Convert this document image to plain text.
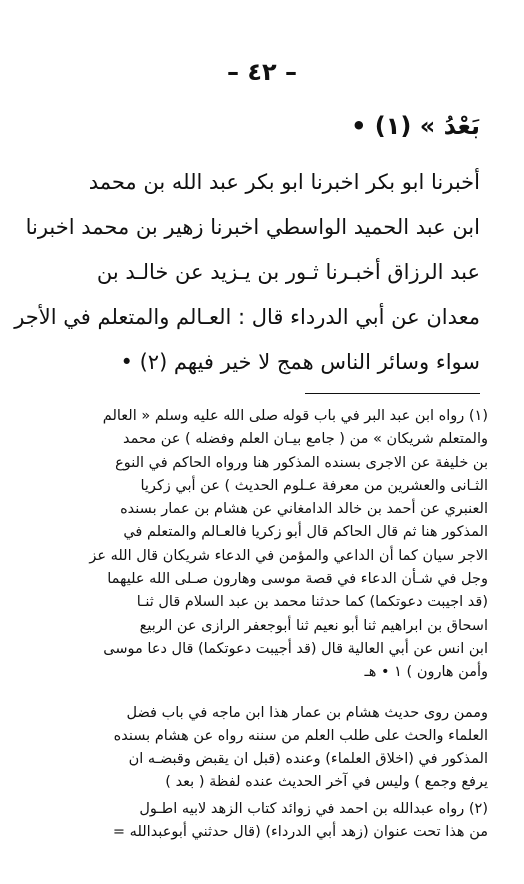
– ٤٢ –
بَعْدُ » (١) •
أخبرنا ابو بكر اخبرنا ابو بكر عبد الله بن محمد
ابن عبد الحميد الواسطي اخبرنا زهير بن محمد اخبرنا
عبد الرزاق أخبـرنا ثـور بن يـزيد عن خالـد بن
معدان عن أبي الدرداء قال : العـالم والمتعلم في الأجر
سواء وسائر الناس همج لا خير فيهم (٢) •
(١) رواه ابن عبد البر في باب قوله صلى الله عليه وسلم « العالم
والمتعلم شريكان » من ( جامع بيـان العلم وفضله ) عن محمد
بن خليفة عن الاجرى بسنده المذكور هنا ورواه الحاكم في النوع
الثـانى والعشرين من معرفة عـلوم الحديث ) عن أبي زكريا
العنبري عن أحمد بن خالد الدامغاني عن هشام بن عمار بسنده
المذكور هنا ثم قال الحاكم قال أبو زكريا فالعـالم والمتعلم في
الاجر سيان كما أن الداعي والمؤمن في الدعاء شريكان قال الله عز
وجل في شـأن الدعاء في قصة موسى وهارون صـلى الله عليهما
(قد اجيبت دعوتكما) كما حدثنا محمد بن عبد السلام قال ثنـا
اسحاق بن ابراهيم ثنا أبو نعيم ثنا أبوجعفر الرازى عن الربيع
ابن انس عن أبي العالية قال (قد أجيبت دعوتكما) قال دعا موسى
وأمن هارون ) ١ • هـ
وممن روى حديث هشام بن عمار هذا ابن ماجه في باب فضل
العلماء والحث على طلب العلم من سننه رواه عن هشام بسنده
المذكور في (اخلاق العلماء) وعنده (قبل ان يقبض وقبضـه ان
يرفع وجمع ) وليس في آخر الحديث عنده لفظة ( بعد )
(٢) رواه عبدالله بن احمد في زوائد كتاب الزهد لابيه اطـول
من هذا تحت عنوان (زهد أبي الدرداء) (قال حدثني أبوعبدالله =
